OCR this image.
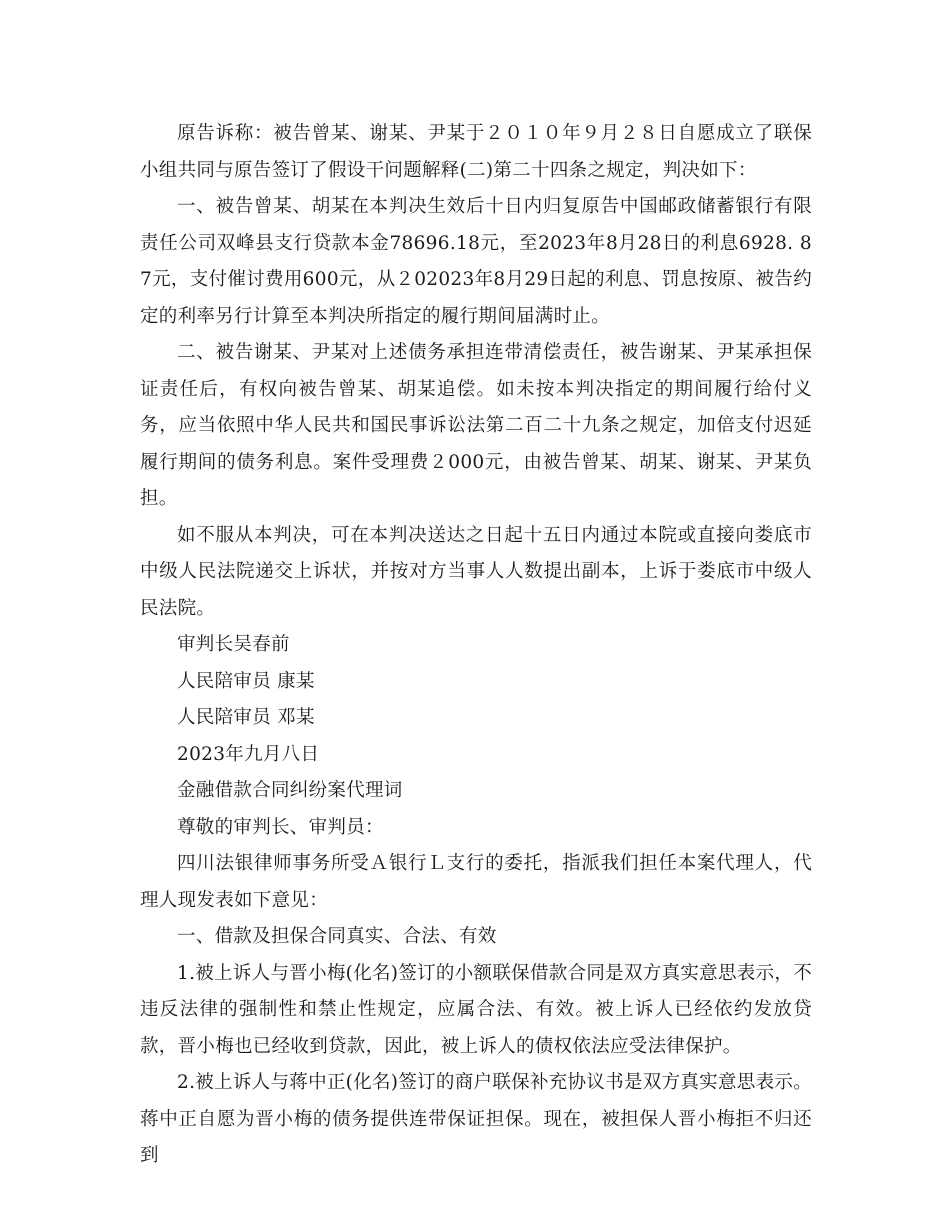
原告诉称：被告曾某、谢某、尹某于２０１０年９月２８日自愿成立了联保小组共同与原告签订了假设干问题解释(二)第二十四条之规定，判决如下：

一、被告曾某、胡某在本判决生效后十日内归复原告中国邮政储蓄银行有限责任公司双峰县支行贷款本金78696.18元，至2023年8月28日的利息6928. 87元，支付催讨费用600元，从２02023年8月29日起的利息、罚息按原、被告约定的利率另行计算至本判决所指定的履行期间届满时止。

二、被告谢某、尹某对上述债务承担连带清偿责任，被告谢某、尹某承担保证责任后，有权向被告曾某、胡某追偿。如未按本判决指定的期间履行给付义务，应当依照中华人民共和国民事诉讼法第二百二十九条之规定，加倍支付迟延履行期间的债务利息。案件受理费２000元，由被告曾某、胡某、谢某、尹某负担。

如不服从本判决，可在本判决送达之日起十五日内通过本院或直接向娄底市中级人民法院递交上诉状，并按对方当事人人数提出副本，上诉于娄底市中级人民法院。

审判长吴春前

人民陪审员 康某

人民陪审员 邓某

2023年九月八日

金融借款合同纠纷案代理词

尊敬的审判长、审判员：

四川法银律师事务所受Ａ银行Ｌ支行的委托，指派我们担任本案代理人，代理人现发表如下意见：

一、借款及担保合同真实、合法、有效

1.被上诉人与晋小梅(化名)签订的小额联保借款合同是双方真实意思表示，不违反法律的强制性和禁止性规定，应属合法、有效。被上诉人已经依约发放贷款，晋小梅也已经收到贷款，因此，被上诉人的债权依法应受法律保护。

2.被上诉人与蒋中正(化名)签订的商户联保补充协议书是双方真实意思表示。蒋中正自愿为晋小梅的债务提供连带保证担保。现在，被担保人晋小梅拒不归还到
